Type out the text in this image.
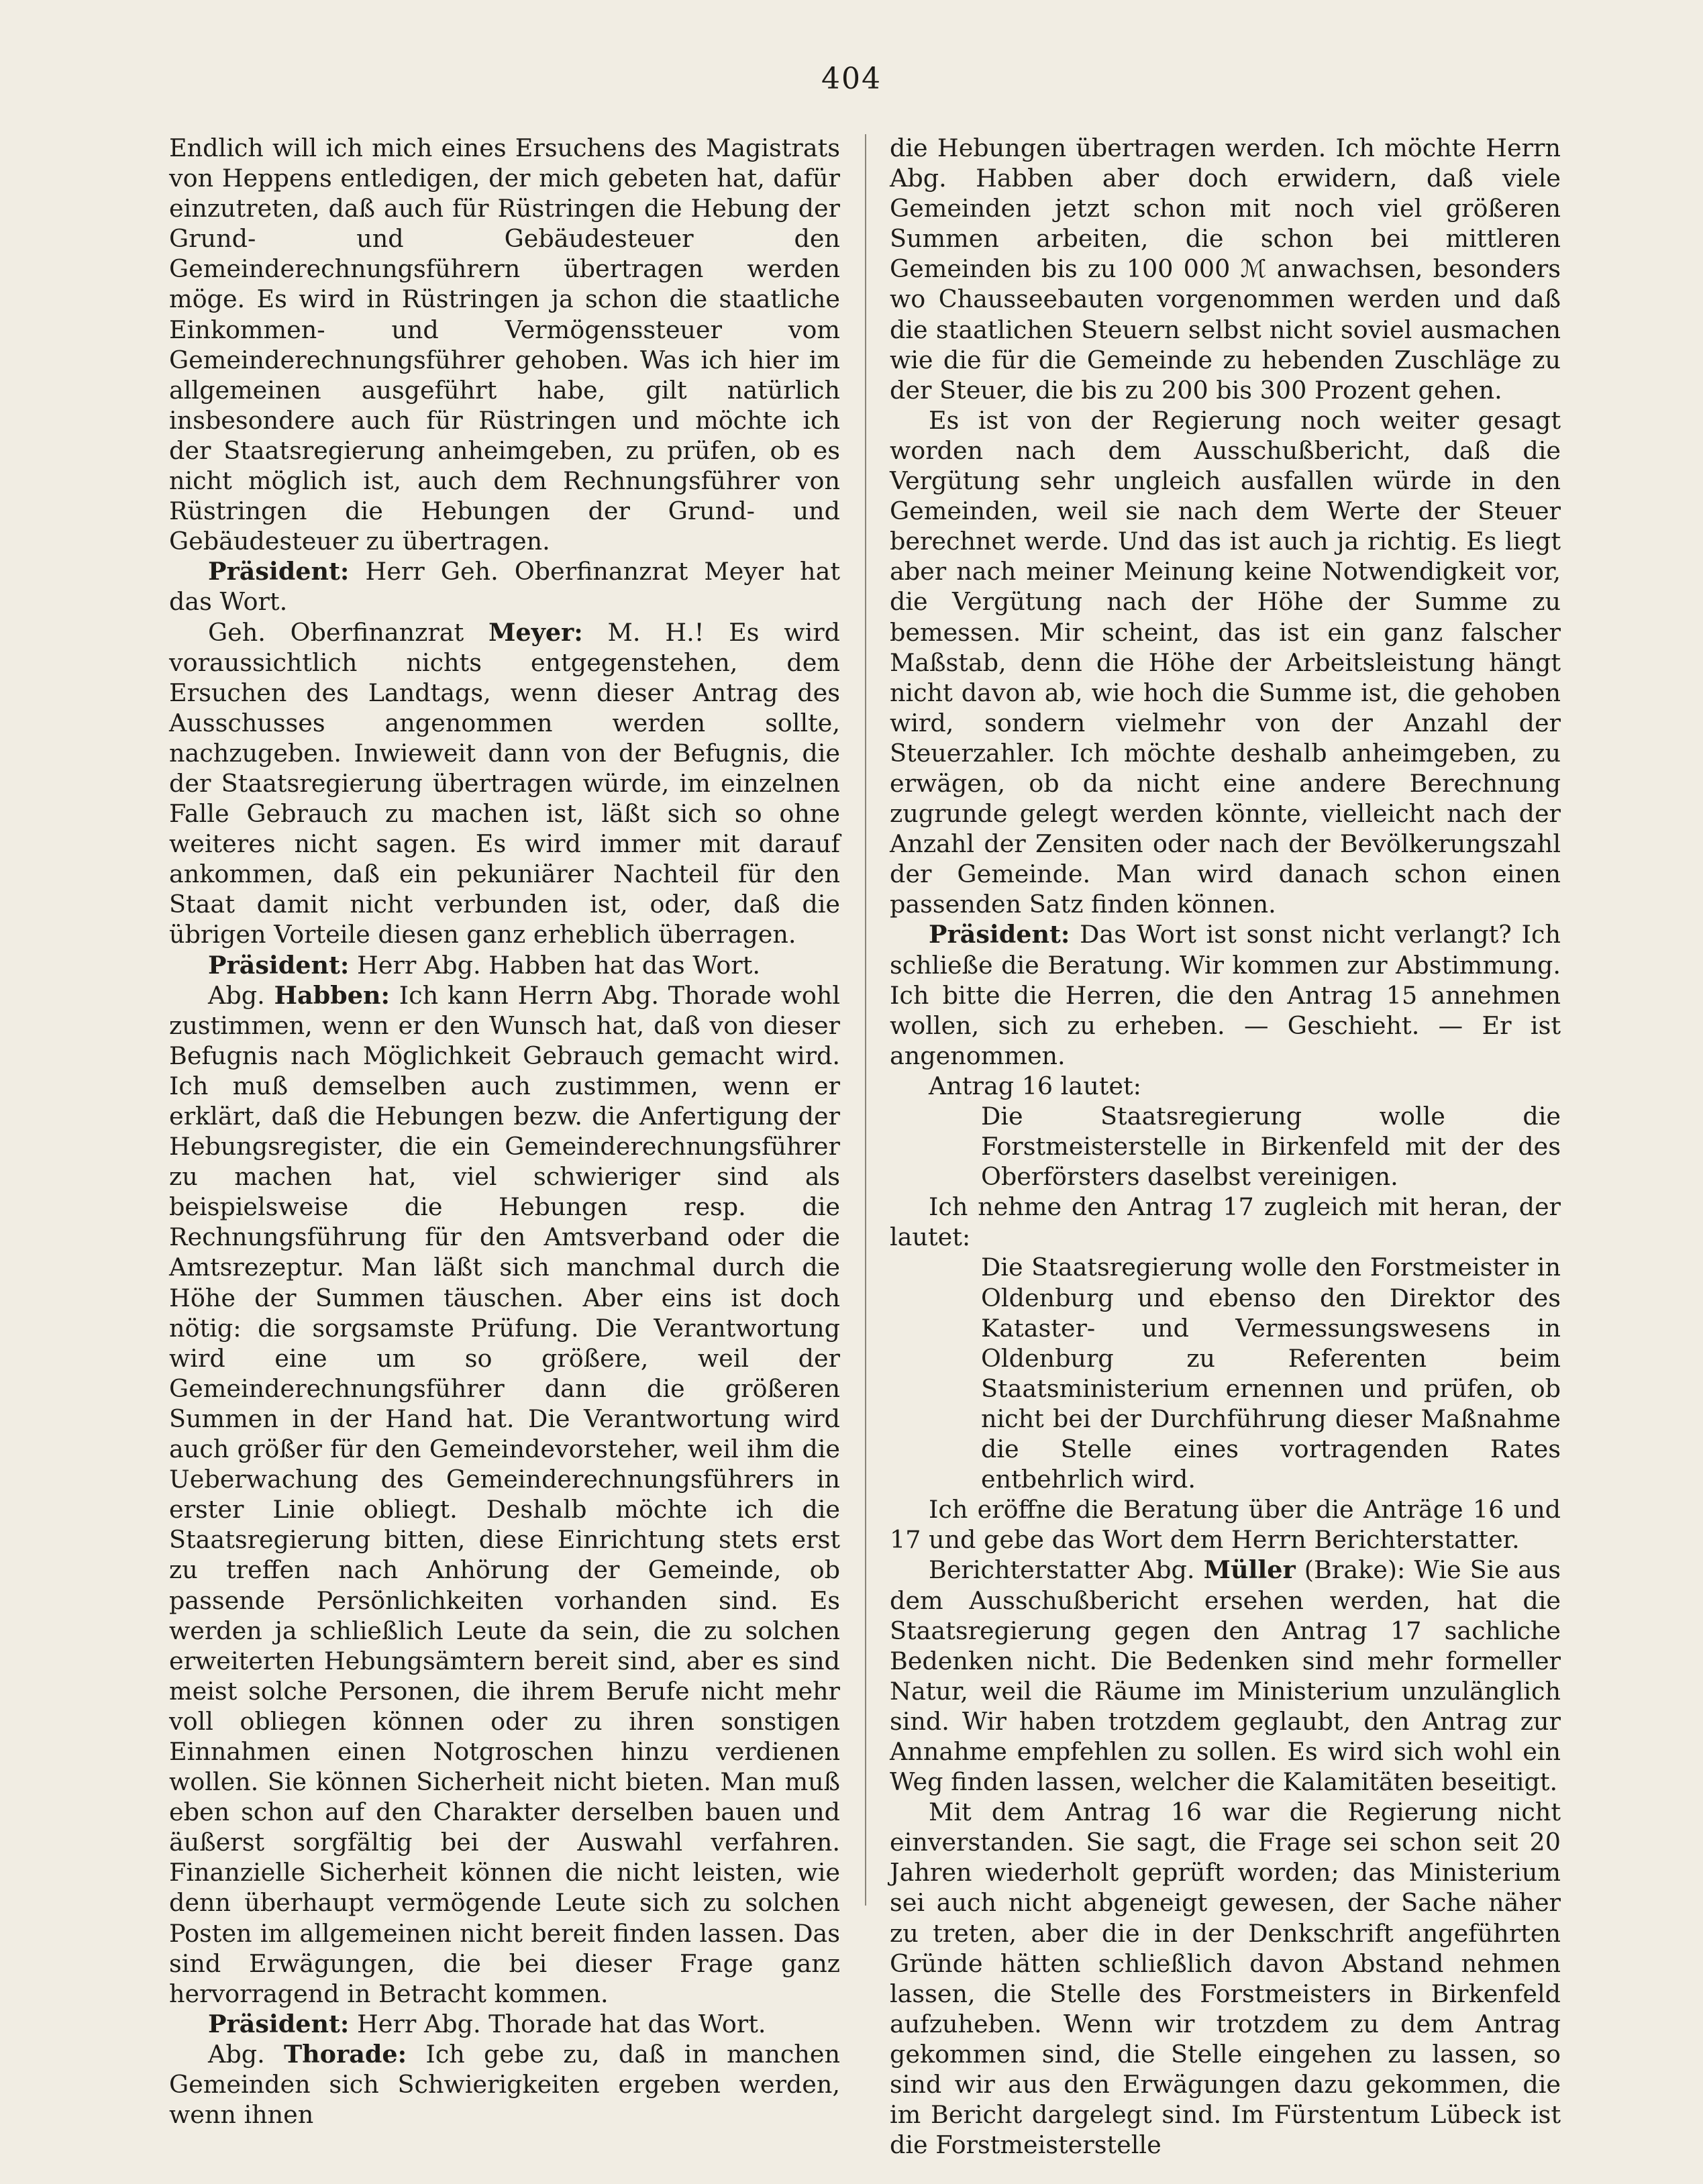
404

Endlich will ich mich eines Ersuchens des Magistrats von Heppens entledigen, der mich gebeten hat, dafür einzutreten, daß auch für Rüstringen die Hebung der Grund- und Gebäudesteuer den Gemeinderechnungsführern übertragen werden möge. Es wird in Rüstringen ja schon die staatliche Einkommen- und Vermögenssteuer vom Gemeinderechnungsführer gehoben. Was ich hier im allgemeinen ausgeführt habe, gilt natürlich insbesondere auch für Rüstringen und möchte ich der Staatsregierung anheimgeben, zu prüfen, ob es nicht möglich ist, auch dem Rechnungsführer von Rüstringen die Hebungen der Grund- und Gebäudesteuer zu übertragen.

Präsident: Herr Geh. Oberfinanzrat Meyer hat das Wort.

Geh. Oberfinanzrat Meyer: M. H.! Es wird voraussichtlich nichts entgegenstehen, dem Ersuchen des Landtags, wenn dieser Antrag des Ausschusses angenommen werden sollte, nachzugeben. Inwieweit dann von der Befugnis, die der Staatsregierung übertragen würde, im einzelnen Falle Gebrauch zu machen ist, läßt sich so ohne weiteres nicht sagen. Es wird immer mit darauf ankommen, daß ein pekuniärer Nachteil für den Staat damit nicht verbunden ist, oder, daß die übrigen Vorteile diesen ganz erheblich überragen.

Präsident: Herr Abg. Habben hat das Wort.

Abg. Habben: Ich kann Herrn Abg. Thorade wohl zustimmen, wenn er den Wunsch hat, daß von dieser Befugnis nach Möglichkeit Gebrauch gemacht wird. Ich muß demselben auch zustimmen, wenn er erklärt, daß die Hebungen bezw. die Anfertigung der Hebungsregister, die ein Gemeinderechnungsführer zu machen hat, viel schwieriger sind als beispielsweise die Hebungen resp. die Rechnungsführung für den Amtsverband oder die Amtsrezeptur. Man läßt sich manchmal durch die Höhe der Summen täuschen. Aber eins ist doch nötig: die sorgsamste Prüfung. Die Verantwortung wird eine um so größere, weil der Gemeinderechnungsführer dann die größeren Summen in der Hand hat. Die Verantwortung wird auch größer für den Gemeindevorsteher, weil ihm die Ueberwachung des Gemeinderechnungsführers in erster Linie obliegt. Deshalb möchte ich die Staatsregierung bitten, diese Einrichtung stets erst zu treffen nach Anhörung der Gemeinde, ob passende Persönlichkeiten vorhanden sind. Es werden ja schließlich Leute da sein, die zu solchen erweiterten Hebungsämtern bereit sind, aber es sind meist solche Personen, die ihrem Berufe nicht mehr voll obliegen können oder zu ihren sonstigen Einnahmen einen Notgroschen hinzu verdienen wollen. Sie können Sicherheit nicht bieten. Man muß eben schon auf den Charakter derselben bauen und äußerst sorgfältig bei der Auswahl verfahren. Finanzielle Sicherheit können die nicht leisten, wie denn überhaupt vermögende Leute sich zu solchen Posten im allgemeinen nicht bereit finden lassen. Das sind Erwägungen, die bei dieser Frage ganz hervorragend in Betracht kommen.

Präsident: Herr Abg. Thorade hat das Wort.

Abg. Thorade: Ich gebe zu, daß in manchen Gemeinden sich Schwierigkeiten ergeben werden, wenn ihnen

die Hebungen übertragen werden. Ich möchte Herrn Abg. Habben aber doch erwidern, daß viele Gemeinden jetzt schon mit noch viel größeren Summen arbeiten, die schon bei mittleren Gemeinden bis zu 100 000 ℳ anwachsen, besonders wo Chausseebauten vorgenommen werden und daß die staatlichen Steuern selbst nicht soviel ausmachen wie die für die Gemeinde zu hebenden Zuschläge zu der Steuer, die bis zu 200 bis 300 Prozent gehen.

Es ist von der Regierung noch weiter gesagt worden nach dem Ausschußbericht, daß die Vergütung sehr ungleich ausfallen würde in den Gemeinden, weil sie nach dem Werte der Steuer berechnet werde. Und das ist auch ja richtig. Es liegt aber nach meiner Meinung keine Notwendigkeit vor, die Vergütung nach der Höhe der Summe zu bemessen. Mir scheint, das ist ein ganz falscher Maßstab, denn die Höhe der Arbeitsleistung hängt nicht davon ab, wie hoch die Summe ist, die gehoben wird, sondern vielmehr von der Anzahl der Steuerzahler. Ich möchte deshalb anheimgeben, zu erwägen, ob da nicht eine andere Berechnung zugrunde gelegt werden könnte, vielleicht nach der Anzahl der Zensiten oder nach der Bevölkerungszahl der Gemeinde. Man wird danach schon einen passenden Satz finden können.

Präsident: Das Wort ist sonst nicht verlangt? Ich schließe die Beratung. Wir kommen zur Abstimmung. Ich bitte die Herren, die den Antrag 15 annehmen wollen, sich zu erheben. — Geschieht. — Er ist angenommen.

Antrag 16 lautet:

Die Staatsregierung wolle die Forstmeisterstelle in Birkenfeld mit der des Oberförsters daselbst vereinigen.

Ich nehme den Antrag 17 zugleich mit heran, der lautet:

Die Staatsregierung wolle den Forstmeister in Oldenburg und ebenso den Direktor des Kataster- und Vermessungswesens in Oldenburg zu Referenten beim Staatsministerium ernennen und prüfen, ob nicht bei der Durchführung dieser Maßnahme die Stelle eines vortragenden Rates entbehrlich wird.

Ich eröffne die Beratung über die Anträge 16 und 17 und gebe das Wort dem Herrn Berichterstatter.

Berichterstatter Abg. Müller (Brake): Wie Sie aus dem Ausschußbericht ersehen werden, hat die Staatsregierung gegen den Antrag 17 sachliche Bedenken nicht. Die Bedenken sind mehr formeller Natur, weil die Räume im Ministerium unzulänglich sind. Wir haben trotzdem geglaubt, den Antrag zur Annahme empfehlen zu sollen. Es wird sich wohl ein Weg finden lassen, welcher die Kalamitäten beseitigt.

Mit dem Antrag 16 war die Regierung nicht einverstanden. Sie sagt, die Frage sei schon seit 20 Jahren wiederholt geprüft worden; das Ministerium sei auch nicht abgeneigt gewesen, der Sache näher zu treten, aber die in der Denkschrift angeführten Gründe hätten schließlich davon Abstand nehmen lassen, die Stelle des Forstmeisters in Birkenfeld aufzuheben. Wenn wir trotzdem zu dem Antrag gekommen sind, die Stelle eingehen zu lassen, so sind wir aus den Erwägungen dazu gekommen, die im Bericht dargelegt sind. Im Fürstentum Lübeck ist die Forstmeisterstelle
